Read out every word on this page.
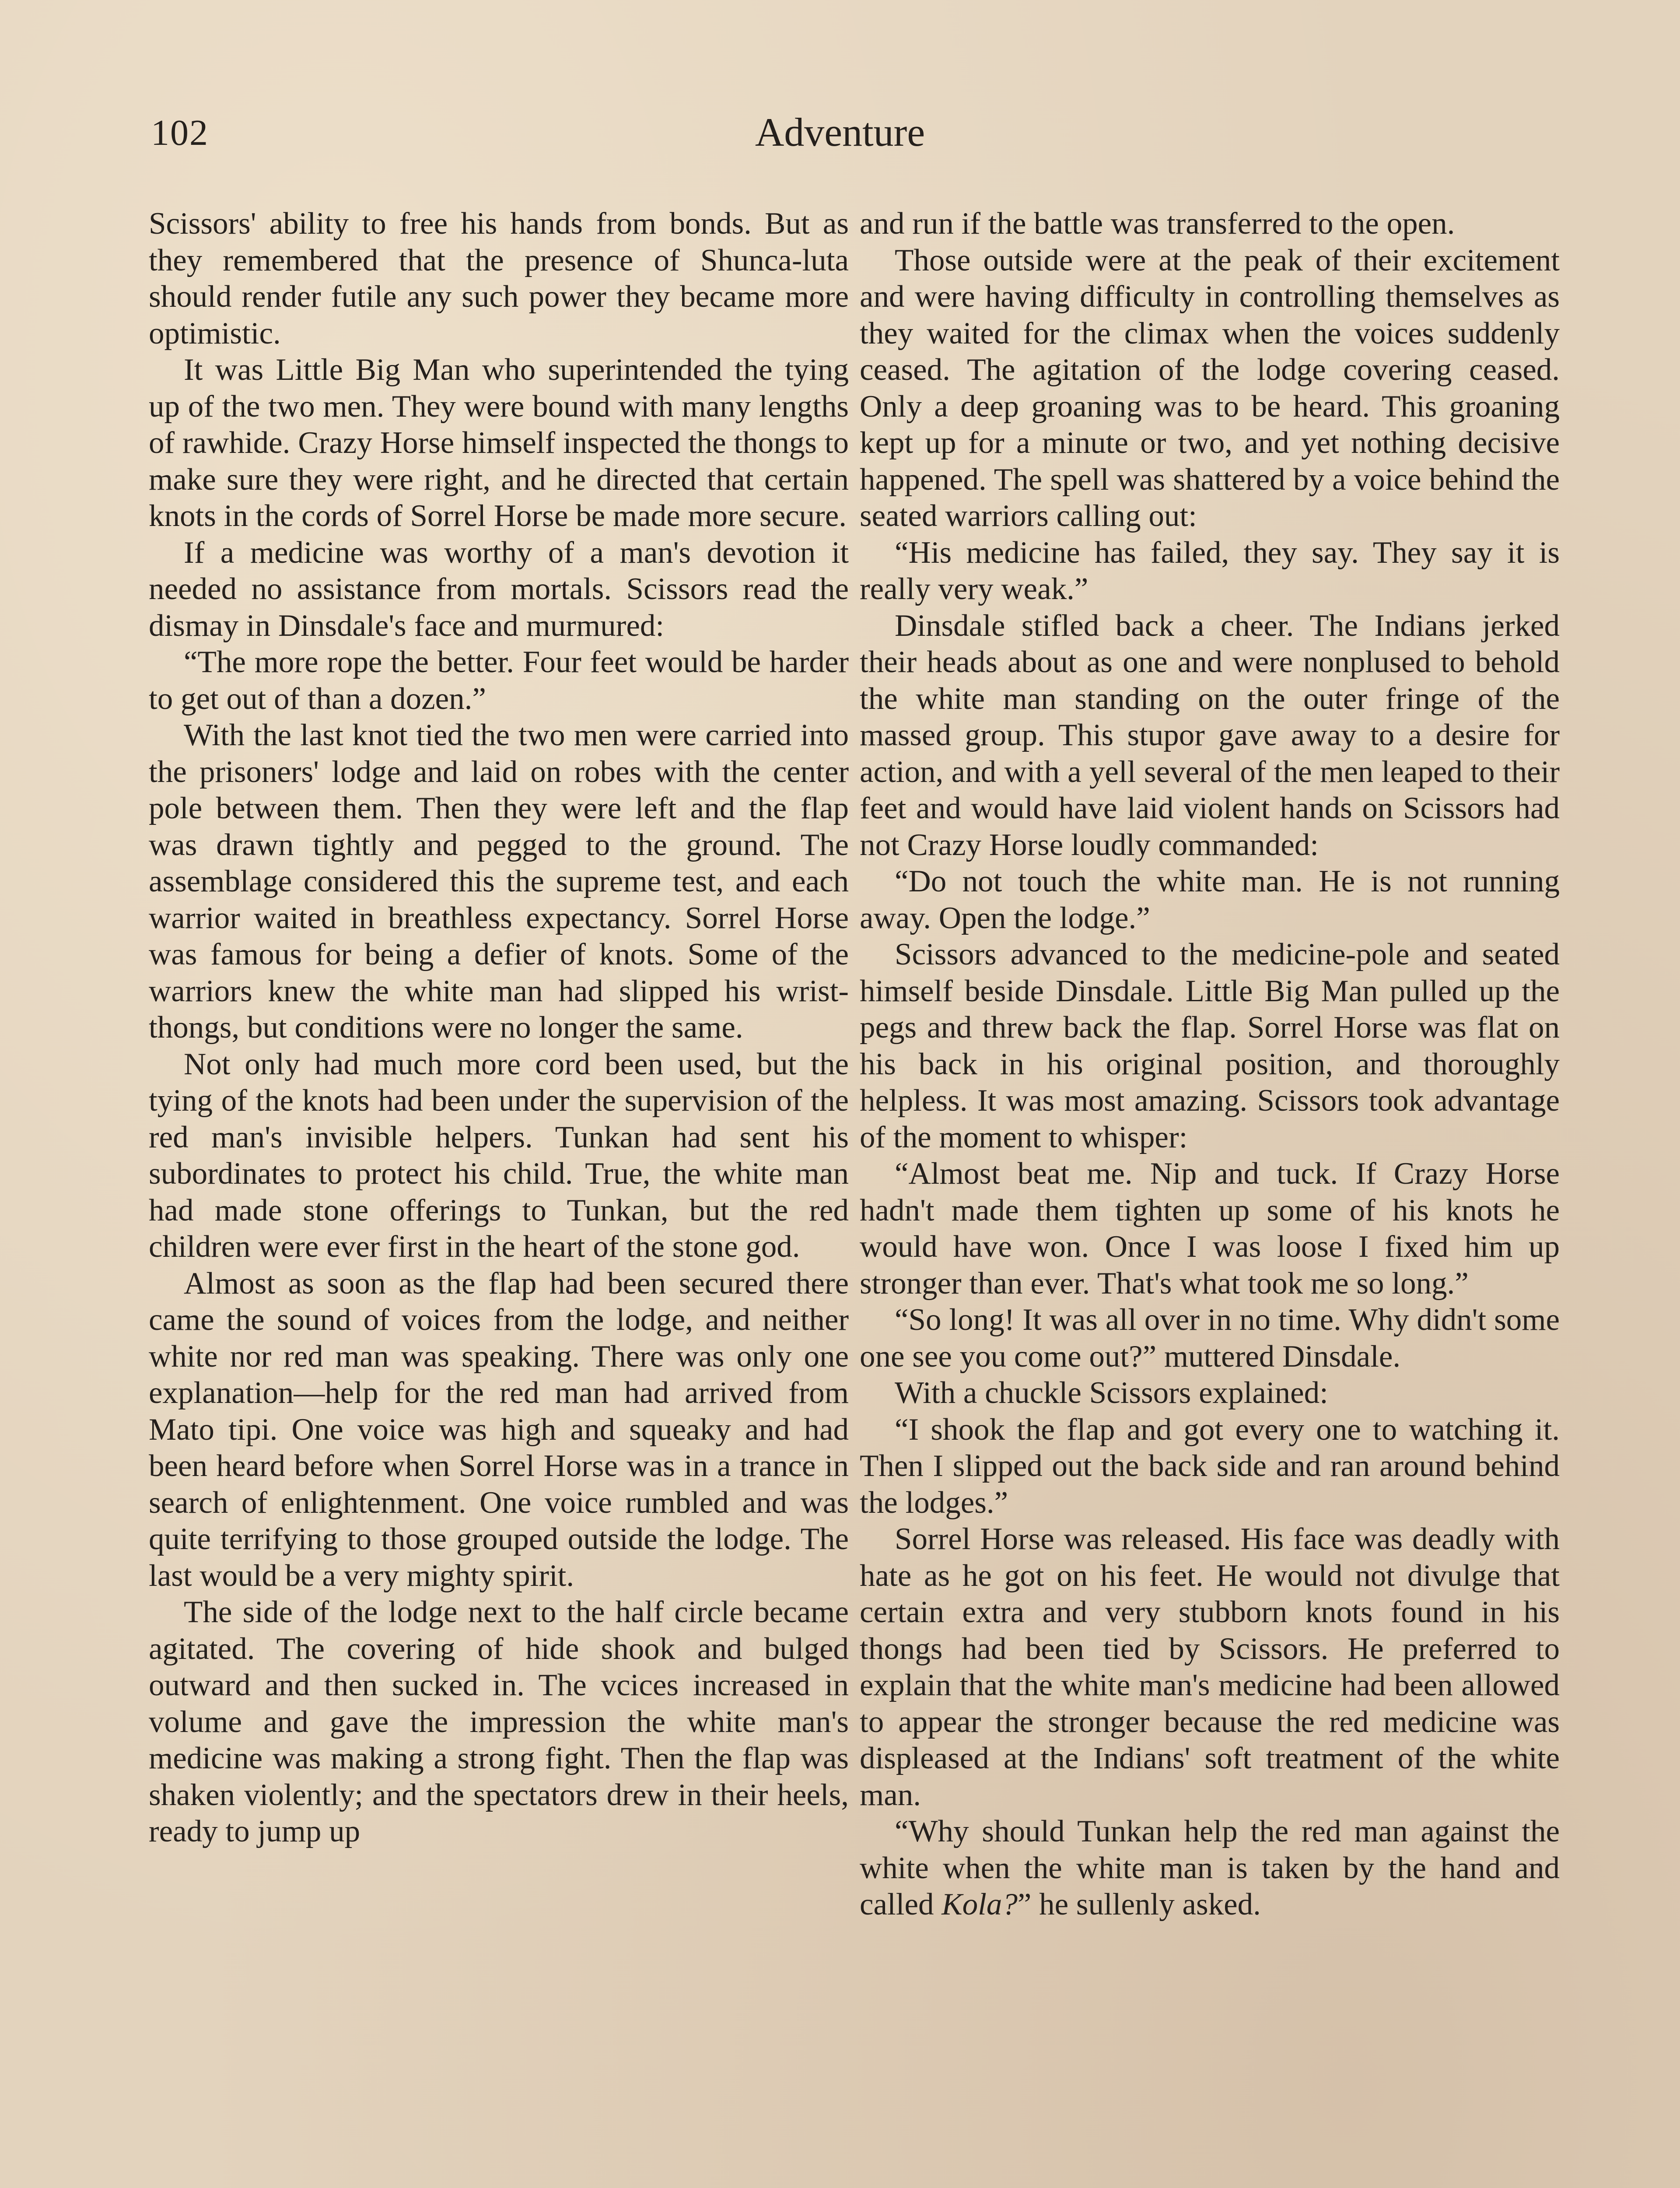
102	Adventure

Scissors' ability to free his hands from bonds. But as they remembered that the presence of Shunca-luta should render futile any such power they became more optimistic.

It was Little Big Man who superintended the tying up of the two men. They were bound with many lengths of rawhide. Crazy Horse himself inspected the thongs to make sure they were right, and he directed that certain knots in the cords of Sorrel Horse be made more secure.

If a medicine was worthy of a man's devotion it needed no assistance from mortals. Scissors read the dismay in Dinsdale's face and murmured:

“The more rope the better. Four feet would be harder to get out of than a dozen.”

With the last knot tied the two men were carried into the prisoners' lodge and laid on robes with the center pole between them. Then they were left and the flap was drawn tightly and pegged to the ground. The assemblage considered this the supreme test, and each warrior waited in breathless expectancy. Sorrel Horse was famous for being a defier of knots. Some of the warriors knew the white man had slipped his wrist-thongs, but conditions were no longer the same.

Not only had much more cord been used, but the tying of the knots had been under the supervision of the red man's invisible helpers. Tunkan had sent his subordinates to protect his child. True, the white man had made stone offerings to Tunkan, but the red children were ever first in the heart of the stone god.

Almost as soon as the flap had been secured there came the sound of voices from the lodge, and neither white nor red man was speaking. There was only one explanation—help for the red man had arrived from Mato tipi. One voice was high and squeaky and had been heard before when Sorrel Horse was in a trance in search of enlightenment. One voice rumbled and was quite terrifying to those grouped outside the lodge. The last would be a very mighty spirit.

The side of the lodge next to the half circle became agitated. The covering of hide shook and bulged outward and then sucked in. The vcices increased in volume and gave the impression the white man's medicine was making a strong fight. Then the flap was shaken violently; and the spectators drew in their heels, ready to jump up

and run if the battle was transferred to the open.

Those outside were at the peak of their excitement and were having difficulty in controlling themselves as they waited for the climax when the voices suddenly ceased. The agitation of the lodge covering ceased. Only a deep groaning was to be heard. This groaning kept up for a minute or two, and yet nothing decisive happened. The spell was shattered by a voice behind the seated warriors calling out:

“His medicine has failed, they say. They say it is really very weak.”

Dinsdale stifled back a cheer. The Indians jerked their heads about as one and were nonplused to behold the white man standing on the outer fringe of the massed group. This stupor gave away to a desire for action, and with a yell several of the men leaped to their feet and would have laid violent hands on Scissors had not Crazy Horse loudly commanded:

“Do not touch the white man. He is not running away. Open the lodge.”

Scissors advanced to the medicine-pole and seated himself beside Dinsdale. Little Big Man pulled up the pegs and threw back the flap. Sorrel Horse was flat on his back in his original position, and thoroughly helpless. It was most amazing. Scissors took advantage of the moment to whisper:

“Almost beat me. Nip and tuck. If Crazy Horse hadn't made them tighten up some of his knots he would have won. Once I was loose I fixed him up stronger than ever. That's what took me so long.”

“So long! It was all over in no time. Why didn't some one see you come out?” muttered Dinsdale.

With a chuckle Scissors explained:

“I shook the flap and got every one to watching it. Then I slipped out the back side and ran around behind the lodges.”

Sorrel Horse was released. His face was deadly with hate as he got on his feet. He would not divulge that certain extra and very stubborn knots found in his thongs had been tied by Scissors. He preferred to explain that the white man's medicine had been allowed to appear the stronger because the red medicine was displeased at the Indians' soft treatment of the white man.

“Why should Tunkan help the red man against the white when the white man is taken by the hand and called Kola?” he sullenly asked.
